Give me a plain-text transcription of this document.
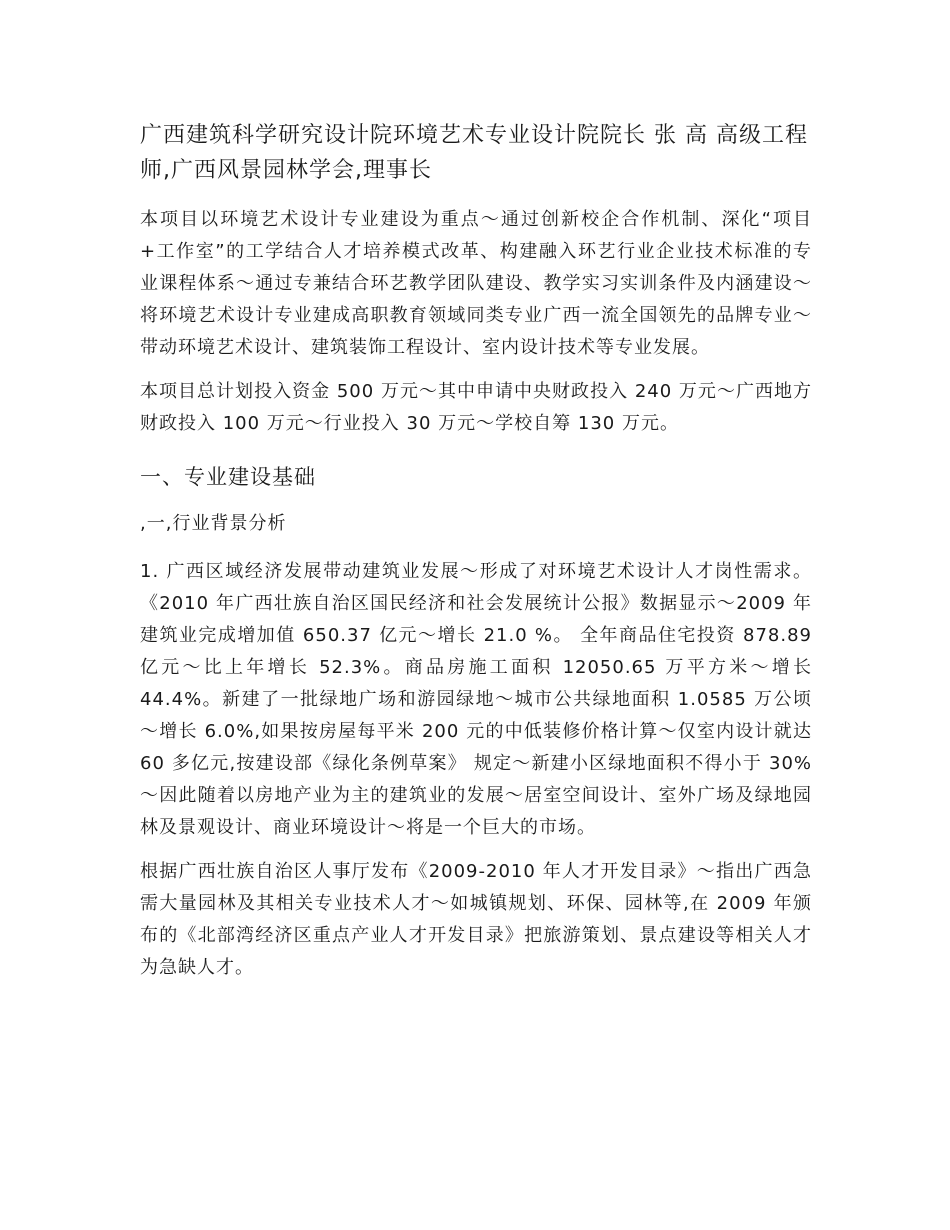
广西建筑科学研究设计院环境艺术专业设计院院长 张 高 高级工程师,广西风景园林学会,理事长

本项目以环境艺术设计专业建设为重点～通过创新校企合作机制、深化“项目+工作室”的工学结合人才培养模式改革、构建融入环艺行业企业技术标准的专业课程体系～通过专兼结合环艺教学团队建设、教学实习实训条件及内涵建设～将环境艺术设计专业建成高职教育领域同类专业广西一流全国领先的品牌专业～带动环境艺术设计、建筑装饰工程设计、室内设计技术等专业发展。

本项目总计划投入资金 500 万元～其中申请中央财政投入 240 万元～广西地方财政投入 100 万元～行业投入 30 万元～学校自筹 130 万元。

一、专业建设基础
,一,行业背景分析

1. 广西区域经济发展带动建筑业发展～形成了对环境艺术设计人才岗性需求。《2010 年广西壮族自治区国民经济和社会发展统计公报》数据显示～2009 年建筑业完成增加值 650.37 亿元～增长 21.0 %。 全年商品住宅投资 878.89 亿元～比上年增长 52.3%。商品房施工面积 12050.65 万平方米～增长 44.4%。新建了一批绿地广场和游园绿地～城市公共绿地面积 1.0585 万公顷～增长 6.0%,如果按房屋每平米 200 元的中低装修价格计算～仅室内设计就达 60 多亿元,按建设部《绿化条例草案》 规定～新建小区绿地面积不得小于 30%～因此随着以房地产业为主的建筑业的发展～居室空间设计、室外广场及绿地园林及景观设计、商业环境设计～将是一个巨大的市场。

根据广西壮族自治区人事厅发布《2009-2010 年人才开发目录》～指出广西急需大量园林及其相关专业技术人才～如城镇规划、环保、园林等,在 2009 年颁布的《北部湾经济区重点产业人才开发目录》把旅游策划、景点建设等相关人才为急缺人才。
